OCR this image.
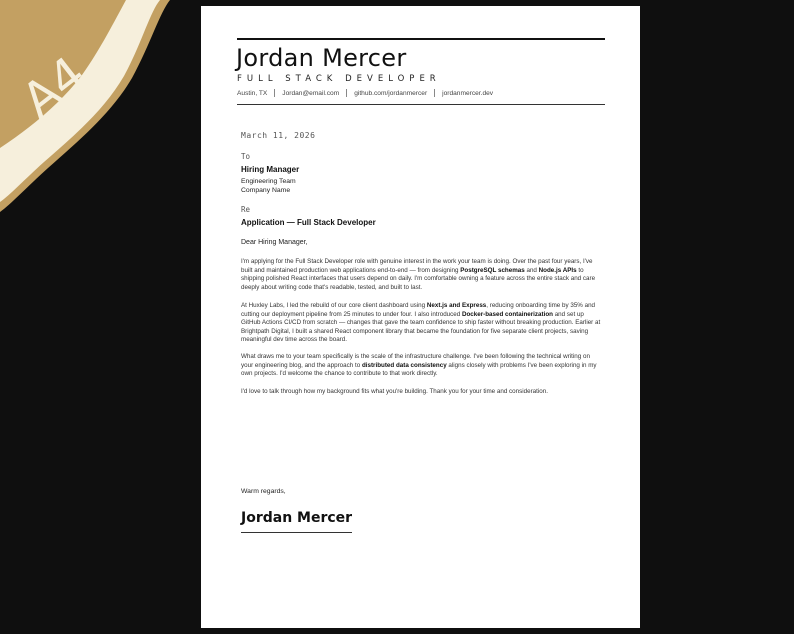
A4	Jordan Mercer
FULL STACK DEVELOPER
Austin, TX Jordan@email.com github.com/jordanmercer jordanmercer.dev
March 11, 2026
To
Hiring Manager
Engineering Team
Company Name
Re
Application — Full Stack Developer
Dear Hiring Manager,

I'm applying for the Full Stack Developer role with genuine interest in the work your team is doing. Over the past four years, I've built and maintained production web applications end-to-end — from designing PostgreSQL schemas and Node.js APIs to shipping polished React interfaces that users depend on daily. I'm comfortable owning a feature across the entire stack and care deeply about writing code that's readable, tested, and built to last.

At Huxley Labs, I led the rebuild of our core client dashboard using Next.js and Express, reducing onboarding time by 35% and cutting our deployment pipeline from 25 minutes to under four. I also introduced Docker-based containerization and set up GitHub Actions CI/CD from scratch — changes that gave the team confidence to ship faster without breaking production. Earlier at Brightpath Digital, I built a shared React component library that became the foundation for five separate client projects, saving meaningful dev time across the board.

What draws me to your team specifically is the scale of the infrastructure challenge. I've been following the technical writing on your engineering blog, and the approach to distributed data consistency aligns closely with problems I've been exploring in my own projects. I'd welcome the chance to contribute to that work directly.

I'd love to talk through how my background fits what you're building. Thank you for your time and consideration.

Warm regards,
Jordan Mercer
